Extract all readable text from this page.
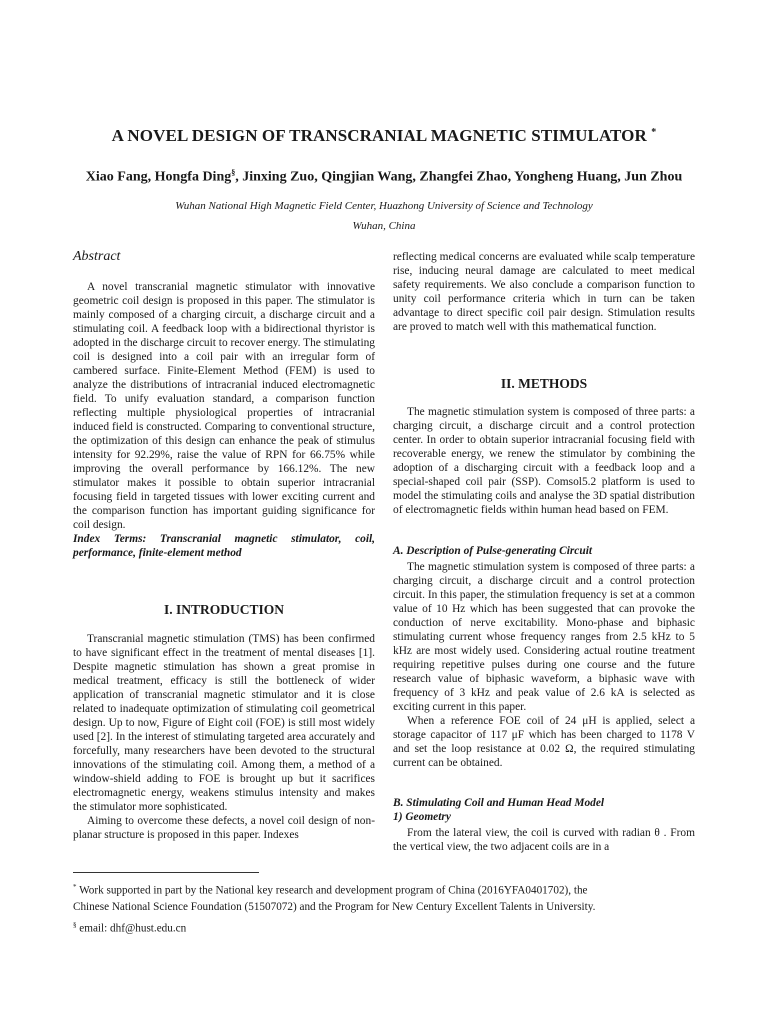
A NOVEL DESIGN OF TRANSCRANIAL MAGNETIC STIMULATOR *
Xiao Fang, Hongfa Ding§, Jinxing Zuo, Qingjian Wang, Zhangfei Zhao, Yongheng Huang, Jun Zhou
Wuhan National High Magnetic Field Center, Huazhong University of Science and Technology
Wuhan, China
Abstract

A novel transcranial magnetic stimulator with innovative geometric coil design is proposed in this paper. The stimulator is mainly composed of a charging circuit, a discharge circuit and a stimulating coil. A feedback loop with a bidirectional thyristor is adopted in the discharge circuit to recover energy. The stimulating coil is designed into a coil pair with an irregular form of cambered surface. Finite-Element Method (FEM) is used to analyze the distributions of intracranial induced electromagnetic field. To unify evaluation standard, a comparison function reflecting multiple physiological properties of intracranial induced field is constructed. Comparing to conventional structure, the optimization of this design can enhance the peak of stimulus intensity for 92.29%, raise the value of RPN for 66.75% while improving the overall performance by 166.12%. The new stimulator makes it possible to obtain superior intracranial focusing field in targeted tissues with lower exciting current and the comparison function has important guiding significance for coil design.

Index Terms: Transcranial magnetic stimulator, coil, performance, finite-element method

I. INTRODUCTION

Transcranial magnetic stimulation (TMS) has been confirmed to have significant effect in the treatment of mental diseases [1]. Despite magnetic stimulation has shown a great promise in medical treatment, efficacy is still the bottleneck of wider application of transcranial magnetic stimulator and it is close related to inadequate optimization of stimulating coil geometrical design. Up to now, Figure of Eight coil (FOE) is still most widely used [2]. In the interest of stimulating targeted area accurately and forcefully, many researchers have been devoted to the structural innovations of the stimulating coil. Among them, a method of a window-shield adding to FOE is brought up but it sacrifices electromagnetic energy, weakens stimulus intensity and makes the stimulator more sophisticated.

Aiming to overcome these defects, a novel coil design of non-planar structure is proposed in this paper. Indexes

reflecting medical concerns are evaluated while scalp temperature rise, inducing neural damage are calculated to meet medical safety requirements. We also conclude a comparison function to unity coil performance criteria which in turn can be taken advantage to direct specific coil pair design. Stimulation results are proved to match well with this mathematical function.

II. METHODS

The magnetic stimulation system is composed of three parts: a charging circuit, a discharge circuit and a control protection center. In order to obtain superior intracranial focusing field with recoverable energy, we renew the stimulator by combining the adoption of a discharging circuit with a feedback loop and a special-shaped coil pair (SSP). Comsol5.2 platform is used to model the stimulating coils and analyse the 3D spatial distribution of electromagnetic fields within human head based on FEM.

A. Description of Pulse-generating Circuit

The magnetic stimulation system is composed of three parts: a charging circuit, a discharge circuit and a control protection circuit. In this paper, the stimulation frequency is set at a common value of 10 Hz which has been suggested that can provoke the conduction of nerve excitability. Mono-phase and biphasic stimulating current whose frequency ranges from 2.5 kHz to 5 kHz are most widely used. Considering actual routine treatment requiring repetitive pulses during one course and the future research value of biphasic waveform, a biphasic wave with frequency of 3 kHz and peak value of 2.6 kA is selected as exciting current in this paper.

When a reference FOE coil of 24 μH is applied, select a storage capacitor of 117 μF which has been charged to 1178 V and set the loop resistance at 0.02 Ω, the required stimulating current can be obtained.

B. Stimulating Coil and Human Head Model
1) Geometry

From the lateral view, the coil is curved with radian θ . From the vertical view, the two adjacent coils are in a

* Work supported in part by the National key research and development program of China (2016YFA0401702), the

Chinese National Science Foundation (51507072) and the Program for New Century Excellent Talents in University.

§ email: dhf@hust.edu.cn
